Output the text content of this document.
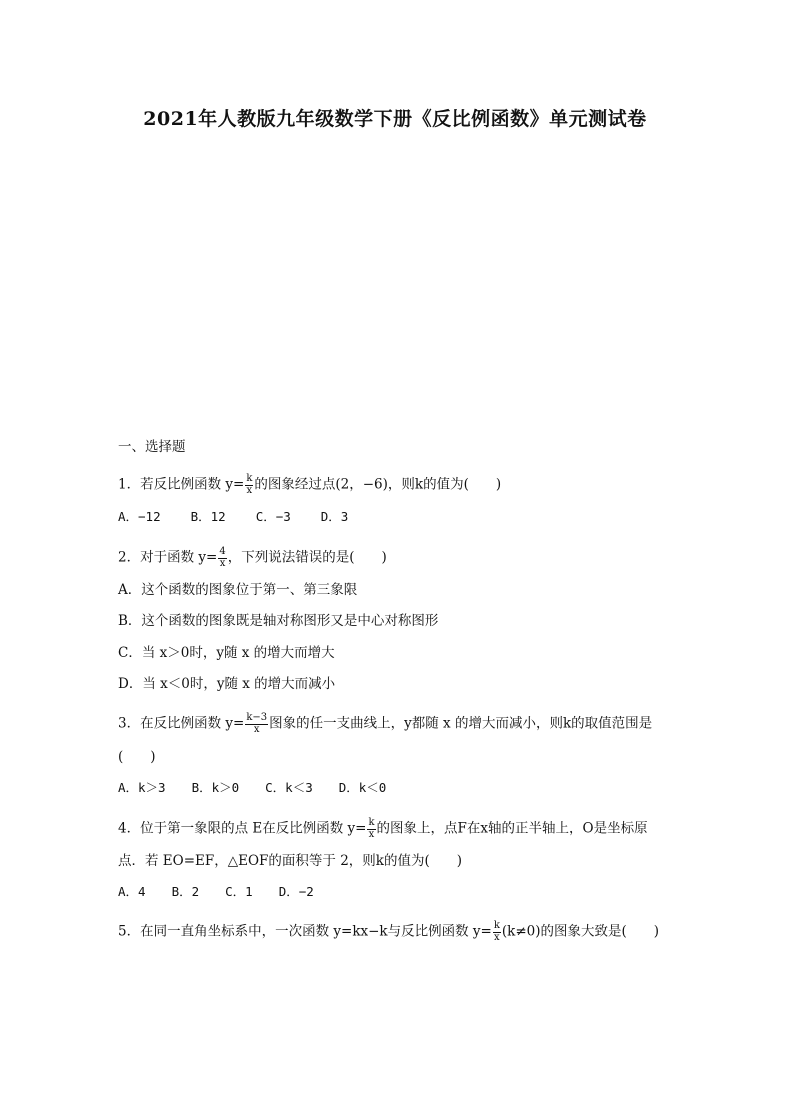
2021年人教版九年级数学下册《反比例函数》单元测试卷
一、选择题
1．若反比例函数 $y= \frac{k}{x}$ 的图象经过点(2，−6)，则k的值为(　　)
A．−12 B．12 C．−3 D．3
2．对于函数 $y= \frac{4}{x}$ ，下列说法错误的是(　　)
A．这个函数的图象位于第一、第三象限
B．这个函数的图象既是轴对称图形又是中心对称图形
C．当 x＞0时，y随 x 的增大而增大
D．当 x＜0时，y随 x 的增大而减小
3．在反比例函数 $y= \frac{k-3}{x}$ 图象的任一支曲线上，y都随 x 的增大而减小，则k的取值范围是
(　　)
A．k＞3 B．k＞0 C．k＜3 D．k＜0
4．位于第一象限的点 E在反比例函数 $y= \frac{k}{x}$ 的图象上，点F在x轴的正半轴上，O是坐标原
点．若 EO=EF，△EOF的面积等于 2，则k的值为(　　)
A．4 B．2 C．1 D．−2
5．在同一直角坐标系中，一次函数 y=kx−k与反比例函数 $y= \frac{k}{x} (k\ne 0)$的图象大致是(　　)
